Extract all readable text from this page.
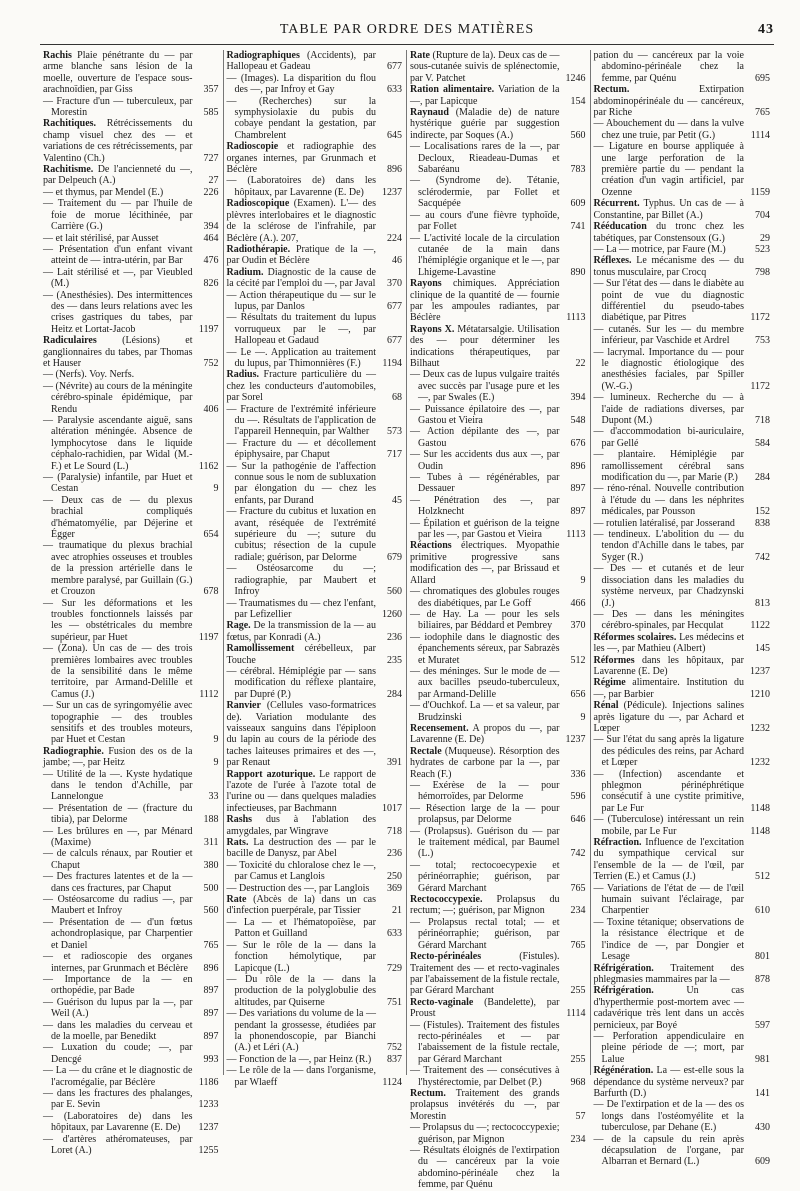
TABLE PAR ORDRE DES MATIÈRES	43
Rachis Plaie pénétrante du — par arme blanche sans lésion de la moelle, ouverture de l'espace sous-arachnoïdien, par Giss	357
— Fracture d'un — tuberculeux, par Morestin	585
Rachitiques. Rétrécissements du champ visuel chez des — et variations de ces rétrécissements, par Valentino (Ch.)	727
Rachitisme. De l'ancienneté du —, par Delpeuch (A.)	27
— et thymus, par Mendel (E.)	226
— Traitement du — par l'huile de foie de morue lécithinée, par Carrière (G.)	394
— et lait stérilisé, par Ausset	464
— Présentation d'un enfant vivant atteint de — intra-utérin, par Bar	476
— Lait stérilisé et —, par Vieubled (M.)	826
— (Anesthésies). Des intermittences des — dans leurs relations avec les crises gastriques du tabes, par Heitz et Lortat-Jacob	1197
Radiculaires (Lésions) et ganglionnaires du tabes, par Thomas et Hauser	752
— (Nerfs). Voy. Nerfs.
— (Névrite) au cours de la méningite cérébro-spinale épidémique, par Rendu	406
— Paralysie ascendante aiguë, sans altération méningée. Absence de lymphocytose dans le liquide céphalo-rachidien, par Widal (M.-F.) et Le Sourd (L.)	1162
— (Paralysie) infantile, par Huet et Cestan	9
— Deux cas de — du plexus brachial compliqués d'hématomyélie, par Déjerine et Égger	654
— traumatique du plexus brachial avec atrophies osseuses et troubles de la pression artérielle dans le membre paralysé, par Guillain (G.) et Crouzon	678
— Sur les déformations et les troubles fonctionnels laissés par les — obstétricales du membre supérieur, par Huet	1197
— (Zona). Un cas de — des trois premières lombaires avec troubles de la sensibilité dans le même territoire, par Armand-Delille et Camus (J.)	1112
— Sur un cas de syringomyélie avec topographie — des troubles sensitifs et des troubles moteurs, par Huet et Cestan	9
Radiographie. Fusion des os de la jambe; —, par Heitz	9
— Utilité de la —. Kyste hydatique dans le tendon d'Achille, par Lannelongue	33
— Présentation de — (fracture du tibia), par Delorme	188
— Les brûlures en —, par Ménard (Maxime)	311
— de calculs rénaux, par Routier et Chaput	380
— Des fractures latentes et de la — dans ces fractures, par Chaput	500
— Ostéosarcome du radius —, par Maubert et Infroy	560
— Présentation de — d'un fœtus achondroplasique, par Charpentier et Daniel	765
— et radioscopie des organes internes, par Grunmach et Béclère	896
— Importance de la — en orthopédie, par Bade	897
— Guérison du lupus par la —, par Weil (A.)	897
— dans les maladies du cerveau et de la moelle, par Benedikt	897
— Luxation du coude; —, par Dencgé	993
— La — du crâne et le diagnostic de l'acromégalie, par Béclère	1186
— dans les fractures des phalanges, par E. Sevin	1233
— (Laboratoires de) dans les hôpitaux, par Lavarenne (E. De)	1237
— d'artères athéromateuses, par Loret (A.)	1255
Radiographiques (Accidents), par Hallopeau et Gadeau	677
— (Images). La disparition du flou des —, par Infroy et Gay	633
— (Recherches) sur la symphysiolaxie du pubis du cobaye pendant la gestation, par Chambrelent	645
Radioscopie et radiographie des organes internes, par Grunmach et Béclère	896
— (Laboratoires de) dans les hôpitaux, par Lavarenne (E. De)	1237
Radioscopique (Examen). L'— des plèvres interlobaires et le diagnostic de la sclérose de l'infrahile, par Béclère (A.). 207,	224
Radiothérapie. Pratique de la —, par Oudin et Béclère	46
Radium. Diagnostic de la cause de la cécité par l'emploi du —, par Javal	370
— Action thérapeutique du — sur le lupus, par Danlos	677
— Résultats du traitement du lupus vorruqueux par le —, par Hallopeau et Gadaud	677
— Le —. Application au traitement du lupus, par Thimonnières (F.)	1194
Radius. Fracture particulière du — chez les conducteurs d'automobiles, par Sorel	68
— Fracture de l'extrémité inférieure du —. Résultats de l'application de l'appareil Hennequin, par Walther	573
— Fracture du — et décollement épiphysaire, par Chaput	717
— Sur la pathogénie de l'affection connue sous le nom de subluxation par élongation du — chez les enfants, par Durand	45
— Fracture du cubitus et luxation en avant, réséquée de l'extrémité supérieure du —; suture du cubitus; résection de la cupule radiale; guérison, par Delorme	679
— Ostéosarcome du —; radiographie, par Maubert et Infroy	560
— Traumatismes du — chez l'enfant, par Lefizellier	1260
Rage. De la transmission de la — au fœtus, par Konradi (A.)	236
Ramollissement cérébelleux, par Touche	235
— cérébral. Hémiplégie par — sans modification du réflexe plantaire, par Dupré (P.)	284
Ranvier (Cellules vaso-formatrices de). Variation modulante des vaisseaux sanguins dans l'épiploon du lapin au cours de la période des taches laiteuses primaires et des —, par Renaut	391
Rapport azoturique. Le rapport de l'azote de l'urée à l'azote total de l'urine ou — dans quelques maladies infectieuses, par Bachmann	1017
Rashs dus à l'ablation des amygdales, par Wingrave	718
Rats. La destruction des — par le bacille de Danysz, par Abel	236
— Toxicité du chloralose chez le —, par Camus et Langlois	250
— Destruction des —, par Langlois	369
Rate (Abcès de la) dans un cas d'infection puerpérale, par Tissier	21
— La — et l'hématopoïèse, par Patton et Guilland	633
— Sur le rôle de la — dans la fonction hémolytique, par Lapicque (L.)	729
— Du rôle de la — dans la production de la polyglobulie des altitudes, par Quiserne	751
— Des variations du volume de la — pendant la grossesse, étudiées par la phonendoscopie, par Bianchi (A.) et Léri (A.)	752
— Fonction de la —, par Heinz (R.)	837
— Le rôle de la — dans l'organisme, par Wlaeff	1124
Rate (Rupture de la). Deux cas de — sous-cutanée suivis de splénectomie, par V. Patchet	1246
Ration alimentaire. Variation de la —, par Lapicque	154
Raynaud (Maladie de) de nature hystérique guérie par suggestion indirecte, par Soques (A.)	560
— Localisations rares de la —, par Decloux, Rieadeau-Dumas et Sabaréanu	783
— (Syndrome de). Tétanie, sclérodermie, par Follet et Sacquépée	609
— au cours d'une fièvre typhoïde, par Follet	741
— L'activité locale de la circulation cutanée de la main dans l'hémiplégie organique et le —, par Lhigeme-Lavastine	890
Rayons chimiques. Appréciation clinique de la quantité de — fournie par les ampoules radiantes, par Béclère	1113
Rayons X. Métatarsalgie. Utilisation des — pour déterminer les indications thérapeutiques, par Bilhaut	22
— Deux cas de lupus vulgaire traités avec succès par l'usage pure et les —, par Swales (E.)	394
— Puissance épilatoire des —, par Gastou et Vieira	548
— Action dépilante des —, par Gastou	676
— Sur les accidents dus aux —, par Oudin	896
— Tubes à — régénérables, par Dessauer	897
— Pénétration des —, par Holzknecht	897
— Épilation et guérison de la teigne par les —, par Gastou et Vieira	1113
Réactions électriques. Myopathie primitive progressive sans modification des —, par Brissaud et Allard	9
— chromatiques des globules rouges des diabétiques, par Le Goff	466
— de Hay. La — pour les sels biliaires, par Béddard et Pembrey	370
— iodophile dans le diagnostic des épanchements séreux, par Sabrazès et Muratet	512
— des méninges. Sur le mode de — aux bacilles pseudo-tuberculeux, par Armand-Delille	656
— d'Ouchkof. La — et sa valeur, par Brudzinski	9
Recensement. A propos du —, par Lavarenne (E. De)	1237
Rectale (Muqueuse). Résorption des hydrates de carbone par la —, par Reach (F.)	336
— Exérèse de la — pour hémorroïdes, par Delorme	596
— Résection large de la — pour prolapsus, par Delorme	646
— (Prolapsus). Guérison du — par le traitement médical, par Baumel (L.)	742
— total; rectocoecypexie et périnéorraphie; guérison, par Gérard Marchant	765
Rectococcypexie. Prolapsus du rectum; —; guérison, par Mignon	234
— Prolapsus rectal total; — et périnéorraphie; guérison, par Gérard Marchant	765
Recto-périnéales (Fistules). Traitement des — et recto-vaginales par l'abaissement de la fistule rectale, par Gérard Marchant	255
Recto-vaginale (Bandelette), par Proust	1114
— (Fistules). Traitement des fistules recto-périnéales et — par l'abaissement de la fistule rectale, par Gérard Marchant	255
— Traitement des — consécutives à l'hystérectomie, par Delbet (P.)	968
Rectum. Traitement des grands prolapsus invétérés du —, par Morestin	57
— Prolapsus du —; rectococcypexie; guérison, par Mignon	234
— Résultats éloignés de l'extirpation du — cancéreux par la voie abdomino-périnéale chez la femme, par Quénu
pation du — cancéreux par la voie abdomino-périnéale chez la femme, par Quénu	695
Rectum. Extirpation abdominopérinéale du — cancéreux, par Riche	765
— Abouchement du — dans la vulve chez une truie, par Petit (G.)	1114
— Ligature en bourse appliquée à une large perforation de la première partie du — pendant la création d'un vagin artificiel, par Ozenne	1159
Récurrent. Typhus. Un cas de — à Constantine, par Billet (A.)	704
Rééducation du tronc chez les tabétiques, par Constensoux (G.)	29
— La — motrice, par Faure (M.)	523
Réflexes. Le mécanisme des — du tonus musculaire, par Crocq	798
— Sur l'état des — dans le diabète au point de vue du diagnostic différentiel du pseudo-tabes diabétique, par Pitres	1172
— cutanés. Sur les — du membre inférieur, par Vaschide et Ardrel	753
— lacrymal. Importance du — pour le diagnostic étiologique des anesthésies faciales, par Spiller (W.-G.)	1172
— lumineux. Recherche du — à l'aide de radiations diverses, par Dupont (M.)	718
— d'accommodation bi-auriculaire, par Gellé	584
— plantaire. Hémiplégie par ramollissement cérébral sans modification du —, par Marie (P.)	284
— réno-rénal. Nouvelle contribution à l'étude du — dans les néphrites médicales, par Pousson	152
— rotulien latéralisé, par Josserand	838
— tendineux. L'abolition du — du tendon d'Achille dans le tabes, par Syger (R.)	742
— Des — et cutanés et de leur dissociation dans les maladies du système nerveux, par Chadzynski (J.)	813
— Des — dans les méningites cérébro-spinales, par Hecqulat	1122
Réformes scolaires. Les médecins et les —, par Mathieu (Albert)	145
Réformes dans les hôpitaux, par Lavarenne (E. De)	1237
Régime alimentaire. Institution du —, par Barbier	1210
Rénal (Pédicule). Injections salines après ligature du —, par Achard et Lœper	1232
— Sur l'état du sang après la ligature des pédicules des reins, par Achard et Lœper	1232
— (Infection) ascendante et phlegmon périnéphrétique consécutif à une cystite primitive, par Le Fur	1148
— (Tuberculose) intéressant un rein mobile, par Le Fur	1148
Réfraction. Influence de l'excitation du sympathique cervical sur l'ensemble de la — de l'œil, par Terrien (E.) et Camus (J.)	512
— Variations de l'état de — de l'œil humain suivant l'éclairage, par Charpentier	610
— Toxine tétanique; observations de la résistance électrique et de l'indice de —, par Dongier et Lesage	801
Réfrigération. Traitement des phlegmasies mammaires par la —	878
Réfrigération. Un cas d'hyperthermie post-mortem avec — cadavérique très lent dans un accès pernicieux, par Boyé	597
— Perforation appendiculaire en pleine période de —; mort, par Lalue	981
Régénération. La — est-elle sous la dépendance du système nerveux? par Barfurth (D.)	141
— De l'extirpation et de la — des os longs dans l'ostéomyélite et la tuberculose, par Dehane (E.)	430
— de la capsule du rein après décapsulation de l'organe, par Albarran et Bernard (L.)	609
